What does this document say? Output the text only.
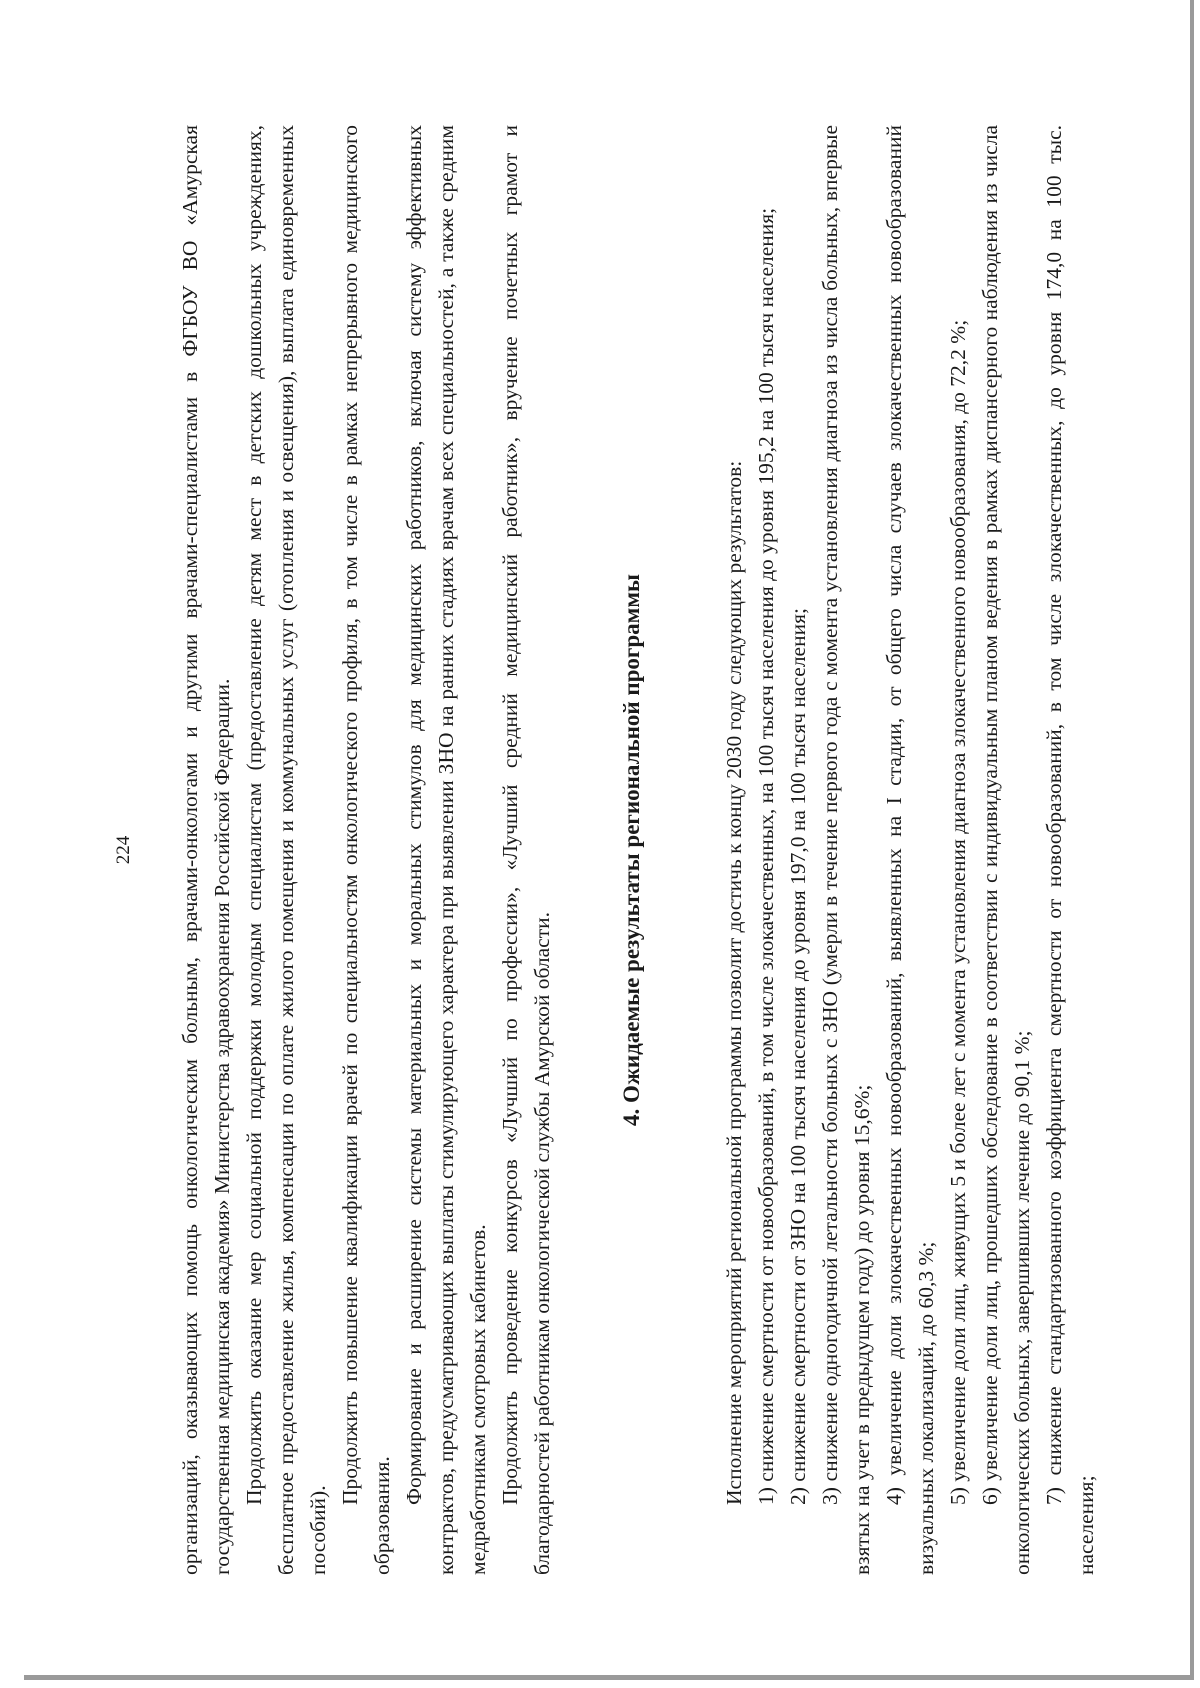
224 организаций, оказывающих помощь онкологическим больным, врачами-онкологами и другими врачами-специалистами в ФГБОУ ВО «Амурская государственная медицинская академия» Министерства здравоохранения Российской Федерации. Продолжить оказание мер социальной поддержки молодым специалистам (предоставление детям мест в детских дошкольных учреждениях, бесплатное предоставление жилья, компенсации по оплате жилого помещения и коммунальных услуг (отопления и освещения), выплата единовременных пособий).

Продолжить повышение квалификации врачей по специальностям онкологического профиля, в том числе в рамках непрерывного медицинского образования.

Формирование и расширение системы материальных и моральных стимулов для медицинских работников, включая систему эффективных контрактов, предусматривающих выплаты стимулирующего характера при выявлении ЗНО на ранних стадиях врачам всех специальностей, а также средним медработникам смотровых кабинетов. Продолжить проведение конкурсов «Лучший по профессии», «Лучший средний медицинский работник», вручение почетных грамот и благодарностей работникам онкологической службы Амурской области.

4. Ожидаемые результаты региональной программы	Исполнение мероприятий региональной программы позволит достичь к концу 2030 году следующих результатов: 1) снижение смертности от новообразований, в том числе злокачественных, на 100 тысяч населения до уровня 195,2 на 100 тысяч населения; 2) снижение смертности от ЗНО на 100 тысяч населения до уровня 197,0 на 100 тысяч населения; 3) снижение одногодичной летальности больных с ЗНО (умерли в течение первого года с момента установления диагноза из числа больных, впервые взятых на учет в предыдущем году) до уровня 15,6%; 4) увеличение доли злокачественных новообразований, выявленных на I стадии, от общего числа случаев злокачественных новообразований визуальных локализаций, до 60,3 %; 5) увеличение доли лиц, живущих 5 и более лет с момента установления диагноза злокачественного новообразования, до 72,2 %; 6) увеличение доли лиц, прошедших обследование в соответствии с индивидуальным планом ведения в рамках диспансерного наблюдения из числа онкологических больных, завершивших лечение до 90,1 %; 7) снижение стандартизованного коэффициента смертности от новообразований, в том числе злокачественных, до уровня 174,0 на 100 тыс. населения;
